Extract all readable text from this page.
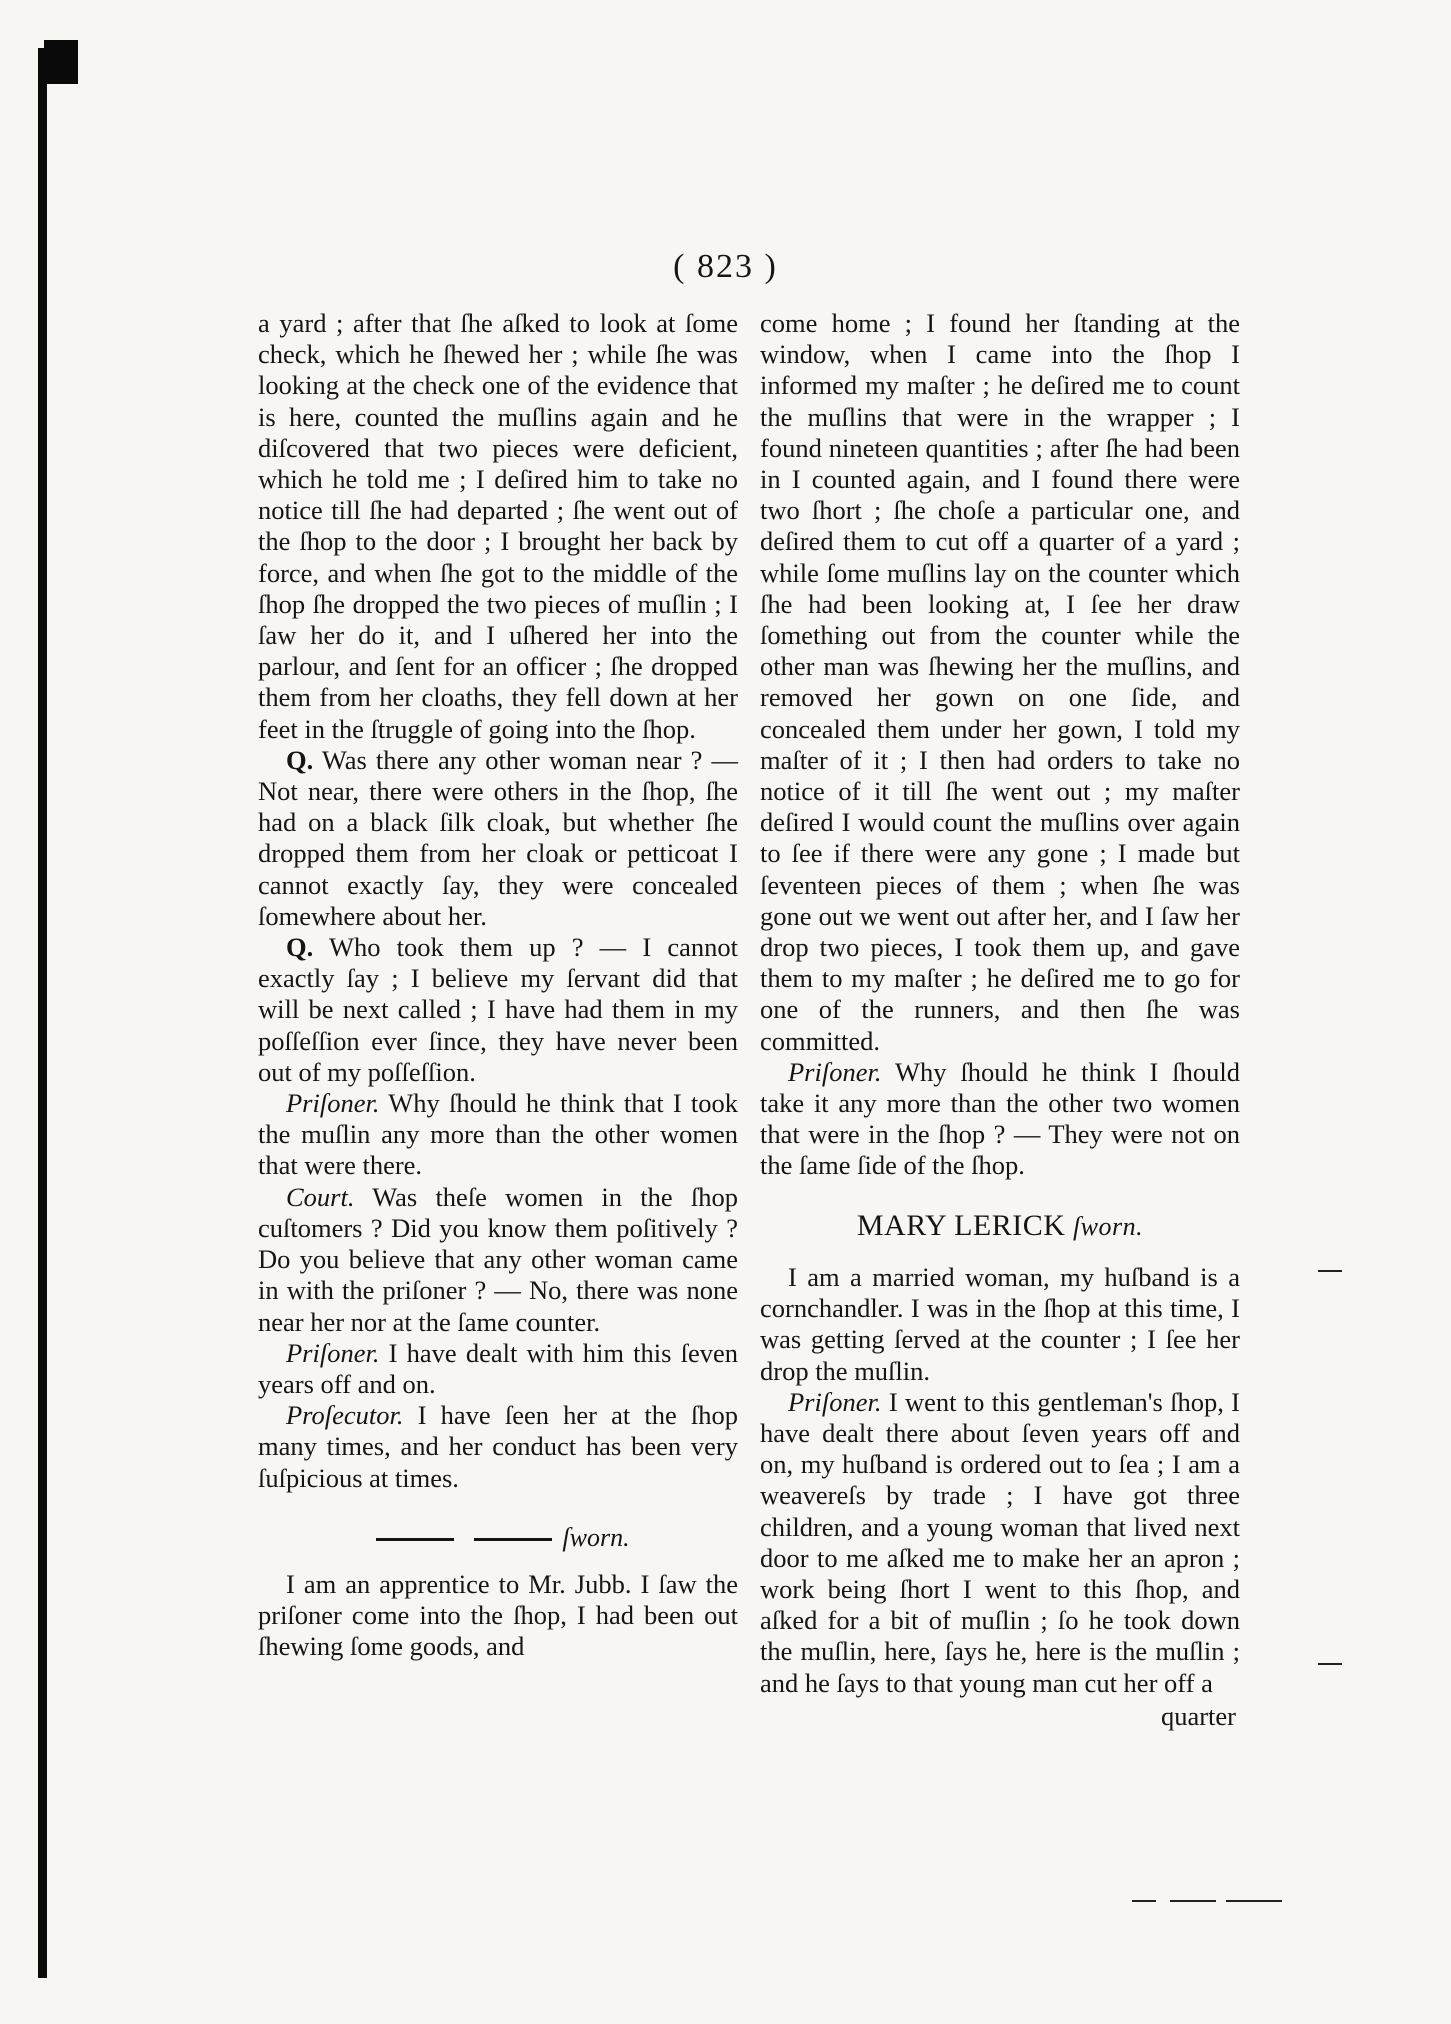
( 823 )

a yard ; after that ſhe aſked to look at ſome check, which he ſhewed her ; while ſhe was looking at the check one of the evidence that is here, counted the muſlins again and he diſcovered that two pieces were deficient, which he told me ; I deſired him to take no notice till ſhe had departed ; ſhe went out of the ſhop to the door ; I brought her back by force, and when ſhe got to the middle of the ſhop ſhe dropped the two pieces of muſlin ; I ſaw her do it, and I uſhered her into the parlour, and ſent for an officer ; ſhe dropped them from her cloaths, they fell down at her feet in the ſtruggle of going into the ſhop.

Q. Was there any other woman near ? — Not near, there were others in the ſhop, ſhe had on a black ſilk cloak, but whether ſhe dropped them from her cloak or petticoat I cannot exactly ſay, they were concealed ſomewhere about her.

Q. Who took them up ? — I cannot exactly ſay ; I believe my ſervant did that will be next called ; I have had them in my poſſeſſion ever ſince, they have never been out of my poſſeſſion.

Priſoner. Why ſhould he think that I took the muſlin any more than the other women that were there.

Court. Was theſe women in the ſhop cuſtomers ? Did you know them poſitively ? Do you believe that any other woman came in with the priſoner ? — No, there was none near her nor at the ſame counter.

Priſoner. I have dealt with him this ſeven years off and on.

Proſecutor. I have ſeen her at the ſhop many times, and her conduct has been very ſuſpicious at times.

ſworn.

I am an apprentice to Mr. Jubb. I ſaw the priſoner come into the ſhop, I had been out ſhewing ſome goods, and

come home ; I found her ſtanding at the window, when I came into the ſhop I informed my maſter ; he deſired me to count the muſlins that were in the wrapper ; I found nineteen quantities ; after ſhe had been in I counted again, and I found there were two ſhort ; ſhe choſe a particular one, and deſired them to cut off a quarter of a yard ; while ſome muſlins lay on the counter which ſhe had been looking at, I ſee her draw ſomething out from the counter while the other man was ſhewing her the muſlins, and removed her gown on one ſide, and concealed them under her gown, I told my maſter of it ; I then had orders to take no notice of it till ſhe went out ; my maſter deſired I would count the muſlins over again to ſee if there were any gone ; I made but ſeventeen pieces of them ; when ſhe was gone out we went out after her, and I ſaw her drop two pieces, I took them up, and gave them to my maſter ; he deſired me to go for one of the runners, and then ſhe was committed.

Priſoner. Why ſhould he think I ſhould take it any more than the other two women that were in the ſhop ? — They were not on the ſame ſide of the ſhop.

MARY LERICK ſworn.

I am a married woman, my huſband is a cornchandler. I was in the ſhop at this time, I was getting ſerved at the counter ; I ſee her drop the muſlin.

Priſoner. I went to this gentleman's ſhop, I have dealt there about ſeven years off and on, my huſband is ordered out to ſea ; I am a weavereſs by trade ; I have got three children, and a young woman that lived next door to me aſked me to make her an apron ; work being ſhort I went to this ſhop, and aſked for a bit of muſlin ; ſo he took down the muſlin, here, ſays he, here is the muſlin ; and he ſays to that young man cut her off a

quarter
